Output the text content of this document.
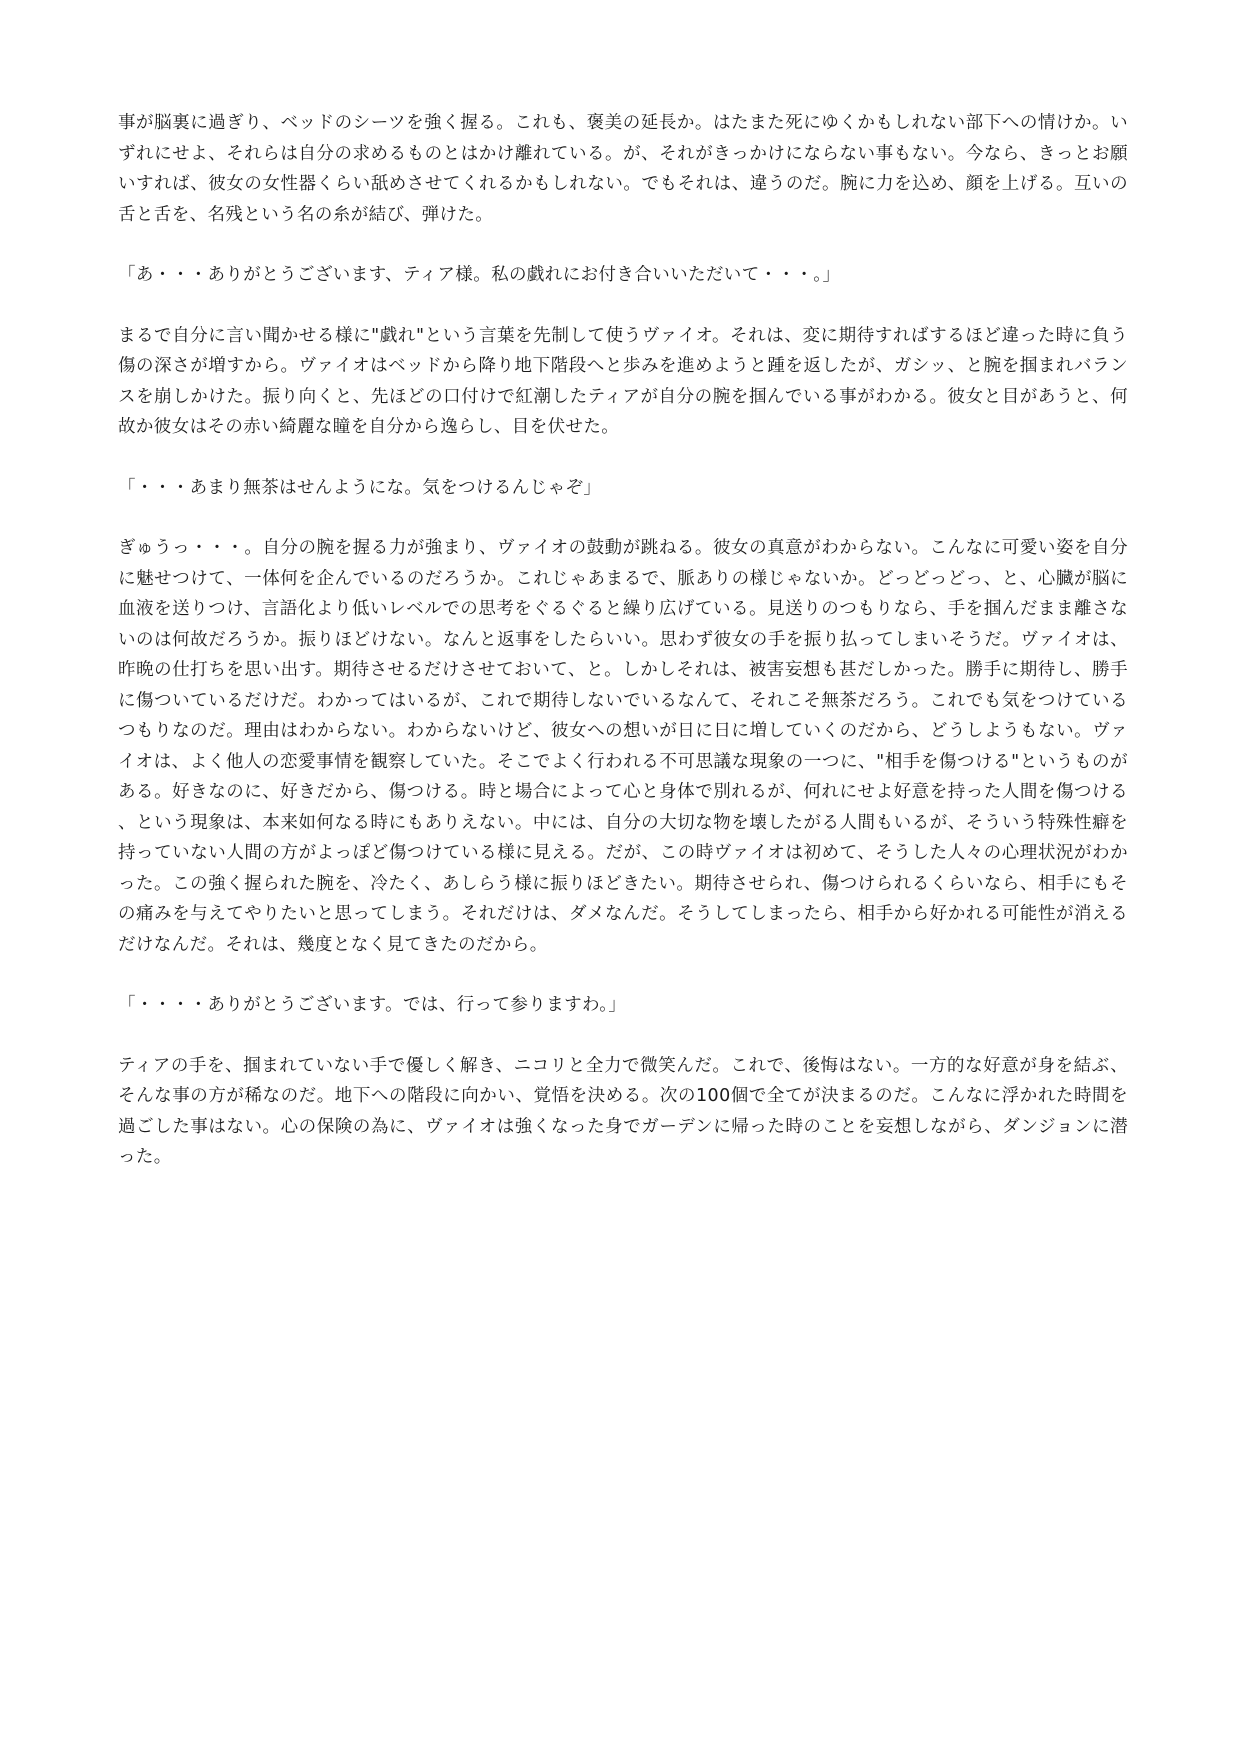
事が脳裏に過ぎり、ベッドのシーツを強く握る。これも、褒美の延長か。はたまた死にゆくかもしれない部下への情けか。いずれにせよ、それらは自分の求めるものとはかけ離れている。が、それがきっかけにならない事もない。今なら、きっとお願いすれば、彼女の女性器くらい舐めさせてくれるかもしれない。でもそれは、違うのだ。腕に力を込め、顔を上げる。互いの舌と舌を、名残という名の糸が結び、弾けた。

「あ・・・ありがとうございます、ティア様。私の戯れにお付き合いいただいて・・・。」

まるで自分に言い聞かせる様に"戯れ"という言葉を先制して使うヴァイオ。それは、変に期待すればするほど違った時に負う傷の深さが増すから。ヴァイオはベッドから降り地下階段へと歩みを進めようと踵を返したが、ガシッ、と腕を掴まれバランスを崩しかけた。振り向くと、先ほどの口付けで紅潮したティアが自分の腕を掴んでいる事がわかる。彼女と目があうと、何故か彼女はその赤い綺麗な瞳を自分から逸らし、目を伏せた。

「・・・あまり無茶はせんようにな。気をつけるんじゃぞ」

ぎゅうっ・・・。自分の腕を握る力が強まり、ヴァイオの鼓動が跳ねる。彼女の真意がわからない。こんなに可愛い姿を自分に魅せつけて、一体何を企んでいるのだろうか。これじゃあまるで、脈ありの様じゃないか。どっどっどっ、と、心臓が脳に血液を送りつけ、言語化より低いレベルでの思考をぐるぐると繰り広げている。見送りのつもりなら、手を掴んだまま離さないのは何故だろうか。振りほどけない。なんと返事をしたらいい。思わず彼女の手を振り払ってしまいそうだ。ヴァイオは、昨晩の仕打ちを思い出す。期待させるだけさせておいて、と。しかしそれは、被害妄想も甚だしかった。勝手に期待し、勝手に傷ついているだけだ。わかってはいるが、これで期待しないでいるなんて、それこそ無茶だろう。これでも気をつけているつもりなのだ。理由はわからない。わからないけど、彼女への想いが日に日に増していくのだから、どうしようもない。ヴァイオは、よく他人の恋愛事情を観察していた。そこでよく行われる不可思議な現象の一つに、"相手を傷つける"というものがある。好きなのに、好きだから、傷つける。時と場合によって心と身体で別れるが、何れにせよ好意を持った人間を傷つける、という現象は、本来如何なる時にもありえない。中には、自分の大切な物を壊したがる人間もいるが、そういう特殊性癖を持っていない人間の方がよっぽど傷つけている様に見える。だが、この時ヴァイオは初めて、そうした人々の心理状況がわかった。この強く握られた腕を、冷たく、あしらう様に振りほどきたい。期待させられ、傷つけられるくらいなら、相手にもその痛みを与えてやりたいと思ってしまう。それだけは、ダメなんだ。そうしてしまったら、相手から好かれる可能性が消えるだけなんだ。それは、幾度となく見てきたのだから。

「・・・・ありがとうございます。では、行って参りますわ。」

ティアの手を、掴まれていない手で優しく解き、ニコリと全力で微笑んだ。これで、後悔はない。一方的な好意が身を結ぶ、そんな事の方が稀なのだ。地下への階段に向かい、覚悟を決める。次の100個で全てが決まるのだ。こんなに浮かれた時間を過ごした事はない。心の保険の為に、ヴァイオは強くなった身でガーデンに帰った時のことを妄想しながら、ダンジョンに潜った。
